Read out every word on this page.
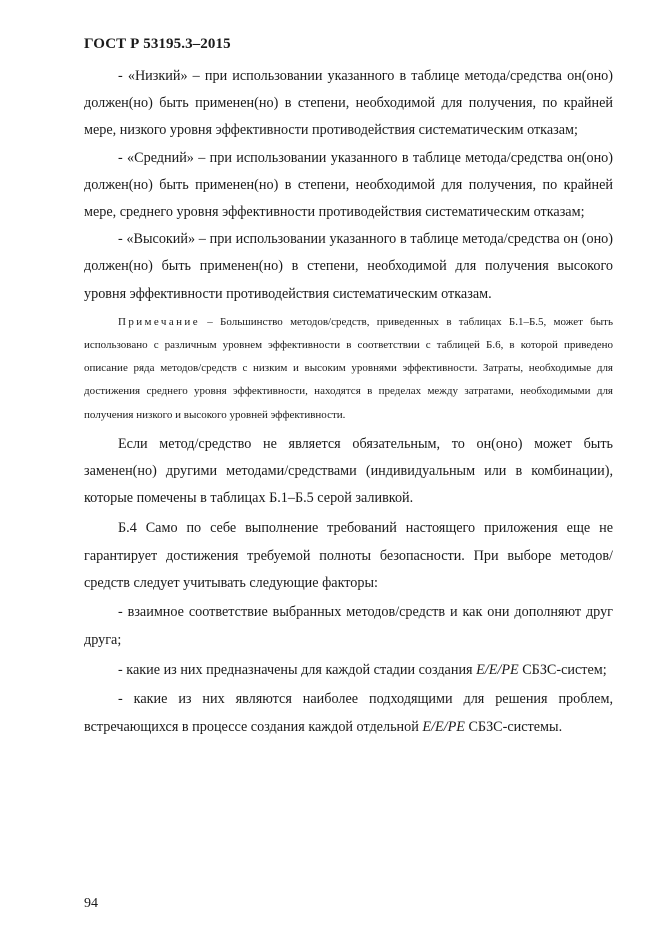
ГОСТ Р 53195.3–2015

- «Низкий» – при использовании указанного в таблице метода/средства он(оно) должен(но) быть применен(но) в степени, необходимой для получения, по крайней мере, низкого уровня эффективности противодействия систематическим отказам;

- «Средний» – при использовании указанного в таблице метода/средства он(оно) должен(но) быть применен(но) в степени, необходимой для получения, по крайней мере, среднего уровня эффективности противодействия систематическим отказам;

- «Высокий» – при использовании указанного в таблице метода/средства он (оно) должен(но) быть применен(но) в степени, необходимой для получения высокого уровня эффективности противодействия систематическим отказам.

Примечание – Большинство методов/средств, приведенных в таблицах Б.1–Б.5, может быть использовано с различным уровнем эффективности в соответствии с таблицей Б.6, в которой приведено описание ряда методов/средств с низким и высоким уровнями эффективности. Затраты, необходимые для достижения среднего уровня эффективности, находятся в пределах между затратами, необходимыми для получения низкого и высокого уровней эффективности.

Если метод/средство не является обязательным, то он(оно) может быть заменен(но) другими методами/средствами (индивидуальным или в комбинации), которые помечены в таблицах Б.1–Б.5 серой заливкой.

Б.4 Само по себе выполнение требований настоящего приложения еще не гарантирует достижения требуемой полноты безопасности. При выборе методов/средств следует учитывать следующие факторы:

- взаимное соответствие выбранных методов/средств и как они дополняют друг друга;

- какие из них предназначены для каждой стадии создания E/E/PE СБЗС-систем;

- какие из них являются наиболее подходящими для решения проблем, встречающихся в процессе создания каждой отдельной E/E/PE СБЗС-системы.

94
